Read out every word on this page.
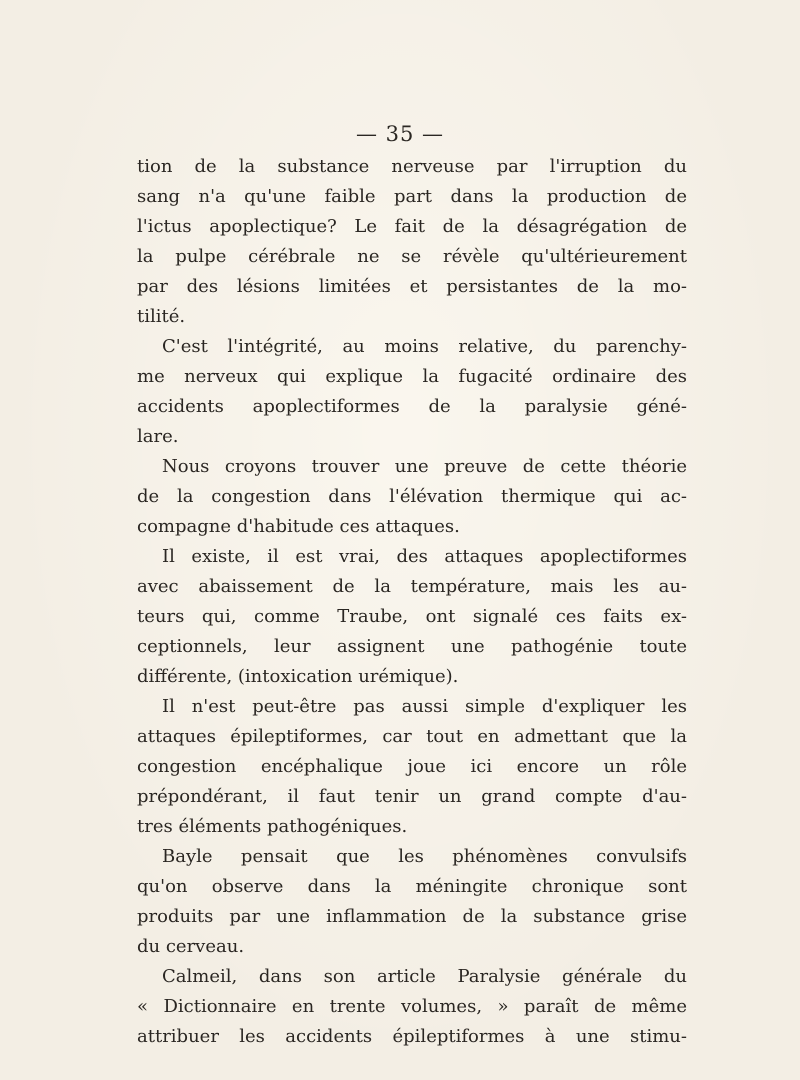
— 35 —
tion de la substance nerveuse par l'irruption du
sang n'a qu'une faible part dans la production de
l'ictus apoplectique? Le fait de la désagrégation de
la pulpe cérébrale ne se révèle qu'ultérieurement
par des lésions limitées et persistantes de la mo-
tilité.
C'est l'intégrité, au moins relative, du parenchy-
me nerveux qui explique la fugacité ordinaire des
accidents apoplectiformes de la paralysie géné-
lare.
Nous croyons trouver une preuve de cette théorie
de la congestion dans l'élévation thermique qui ac-
compagne d'habitude ces attaques.
Il existe, il est vrai, des attaques apoplectiformes
avec abaissement de la température, mais les au-
teurs qui, comme Traube, ont signalé ces faits ex-
ceptionnels, leur assignent une pathogénie toute
différente, (intoxication urémique).
Il n'est peut-être pas aussi simple d'expliquer les
attaques épileptiformes, car tout en admettant que la
congestion encéphalique joue ici encore un rôle
prépondérant, il faut tenir un grand compte d'au-
tres éléments pathogéniques.
Bayle pensait que les phénomènes convulsifs
qu'on observe dans la méningite chronique sont
produits par une inflammation de la substance grise
du cerveau.
Calmeil, dans son article Paralysie générale du
« Dictionnaire en trente volumes, » paraît de même
attribuer les accidents épileptiformes à une stimu-
